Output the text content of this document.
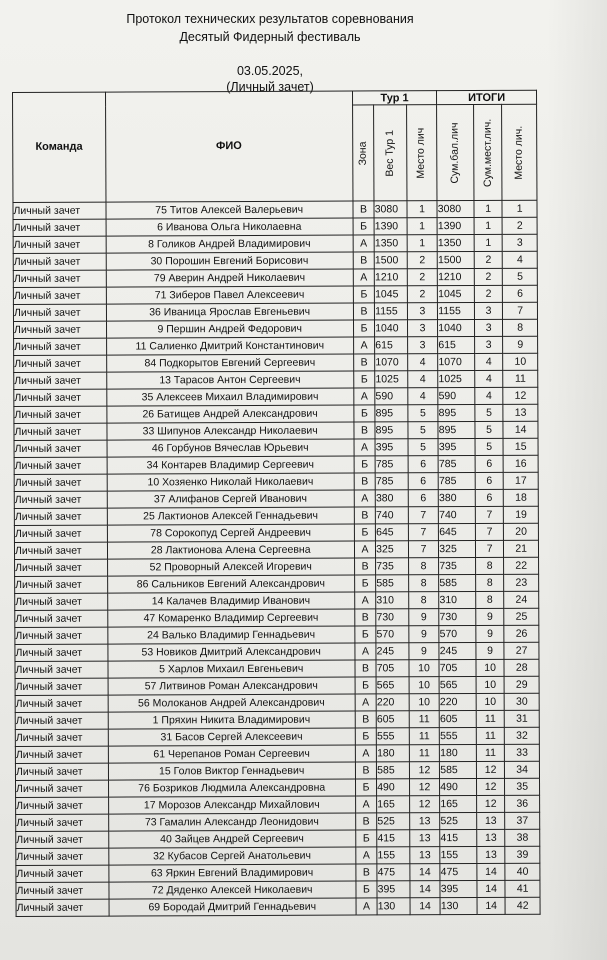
Протокол технических результатов соревнования
Десятый Фидерный фестиваль
03.05.2025,
(Личный зачет)
Команда	ФИО	Тур 1			ИТОГИ		

		Зона	Вес Тур 1	Место лич	Сум.бал.лич	Сум.мест.лич.	Место лич.

Личный зачет	75 Титов Алексей Валерьевич	В	3080	1	3080	1	1
Личный зачет	6 Иванова Ольга Николаевна	Б	1390	1	1390	1	2
Личный зачет	8 Голиков Андрей Владимирович	А	1350	1	1350	1	3
Личный зачет	30 Порошин Евгений Борисович	В	1500	2	1500	2	4
Личный зачет	79 Аверин Андрей Николаевич	А	1210	2	1210	2	5
Личный зачет	71 Зиберов Павел Алексеевич	Б	1045	2	1045	2	6
Личный зачет	36 Иваница Ярослав Евгеньевич	В	1155	3	1155	3	7
Личный зачет	9 Першин Андрей Федорович	Б	1040	3	1040	3	8
Личный зачет	11 Салиенко Дмитрий Константинович	А	615	3	615	3	9
Личный зачет	84 Подкорытов Евгений Сергеевич	В	1070	4	1070	4	10
Личный зачет	13 Тарасов Антон Сергеевич	Б	1025	4	1025	4	11
Личный зачет	35 Алексеев Михаил Владимирович	А	590	4	590	4	12
Личный зачет	26 Батищев Андрей Александрович	Б	895	5	895	5	13
Личный зачет	33 Шипунов Александр Николаевич	В	895	5	895	5	14
Личный зачет	46 Горбунов Вячеслав Юрьевич	А	395	5	395	5	15
Личный зачет	34 Контарев Владимир Сергеевич	Б	785	6	785	6	16
Личный зачет	10 Хозяенко Николай Николаевич	В	785	6	785	6	17
Личный зачет	37 Алифанов Сергей Иванович	А	380	6	380	6	18
Личный зачет	25 Лактионов Алексей Геннадьевич	В	740	7	740	7	19
Личный зачет	78 Сорокопуд Сергей Андреевич	Б	645	7	645	7	20
Личный зачет	28 Лактионова Алена Сергеевна	А	325	7	325	7	21
Личный зачет	52 Проворный Алексей Игоревич	В	735	8	735	8	22
Личный зачет	86 Сальников Евгений Александрович	Б	585	8	585	8	23
Личный зачет	14 Калачев Владимир Иванович	А	310	8	310	8	24
Личный зачет	47 Комаренко Владимир Сергеевич	В	730	9	730	9	25
Личный зачет	24 Валько Владимир Геннадьевич	Б	570	9	570	9	26
Личный зачет	53 Новиков Дмитрий Александрович	А	245	9	245	9	27
Личный зачет	5 Харлов Михаил Евгеньевич	В	705	10	705	10	28
Личный зачет	57 Литвинов Роман Александрович	Б	565	10	565	10	29
Личный зачет	56 Молоканов Андрей Александрович	А	220	10	220	10	30
Личный зачет	1 Пряхин Никита Владимирович	В	605	11	605	11	31
Личный зачет	31 Басов Сергей Алексеевич	Б	555	11	555	11	32
Личный зачет	61 Черепанов Роман Сергеевич	А	180	11	180	11	33
Личный зачет	15 Голов Виктор Геннадьевич	В	585	12	585	12	34
Личный зачет	76 Бозриков Людмила Александровна	Б	490	12	490	12	35
Личный зачет	17 Морозов Александр Михайлович	А	165	12	165	12	36
Личный зачет	73 Гамалин Александр Леонидович	В	525	13	525	13	37
Личный зачет	40 Зайцев Андрей Сергеевич	Б	415	13	415	13	38
Личный зачет	32 Кубасов Сергей Анатольевич	А	155	13	155	13	39
Личный зачет	63 Яркин Евгений Владимирович	В	475	14	475	14	40
Личный зачет	72 Дяденко Алексей Николаевич	Б	395	14	395	14	41
Личный зачет	69 Бородай Дмитрий Геннадьевич	А	130	14	130	14	42
